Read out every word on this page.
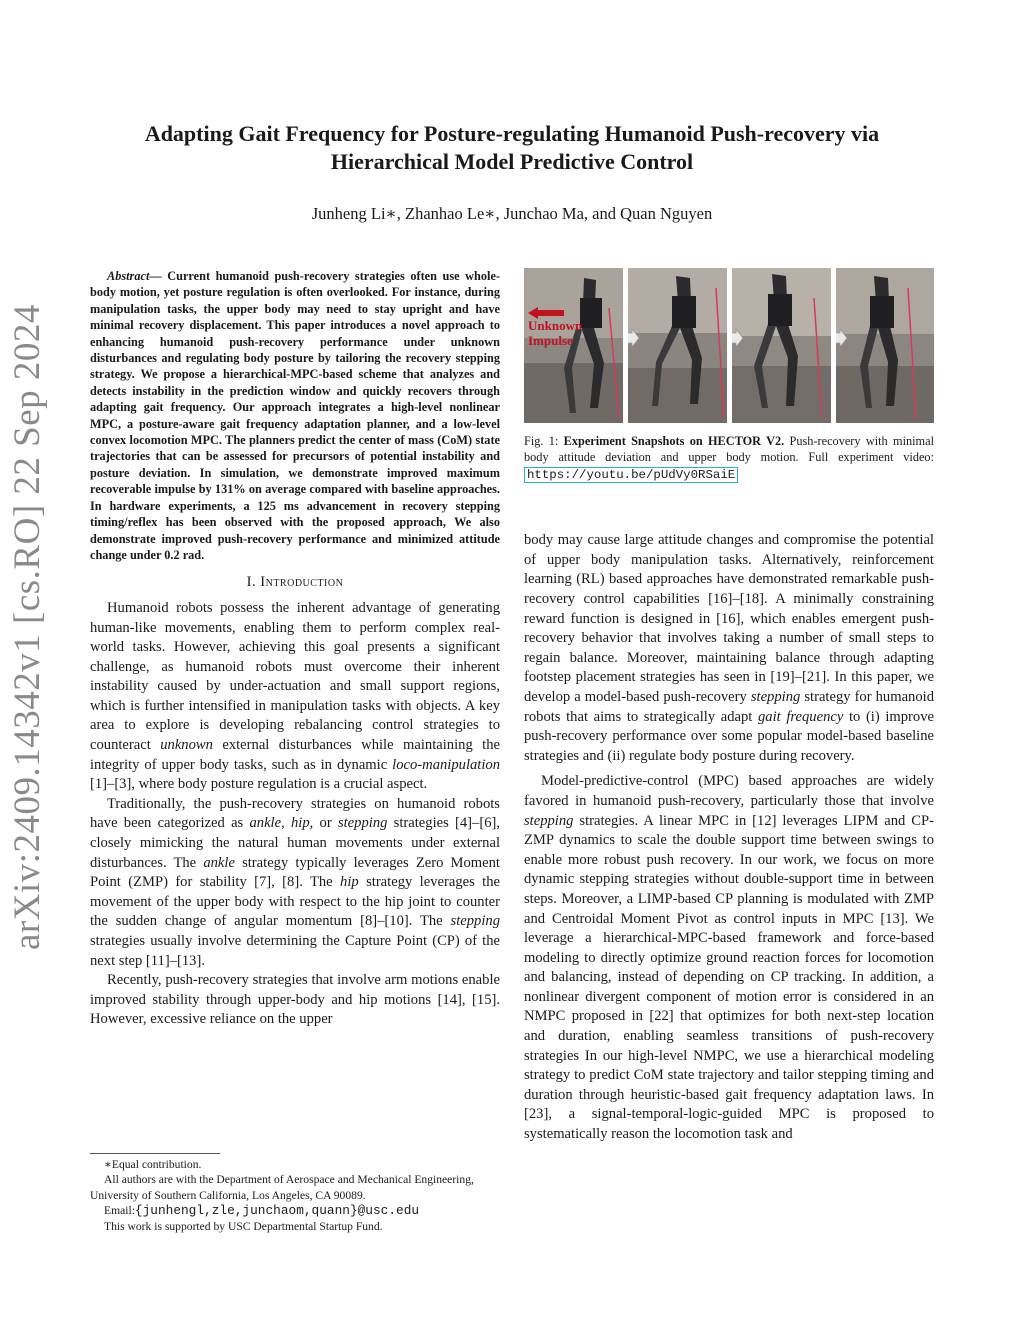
arXiv:2409.14342v1 [cs.RO] 22 Sep 2024
Adapting Gait Frequency for Posture-regulating Humanoid Push-recovery via
Hierarchical Model Predictive Control
Junheng Li∗, Zhanhao Le∗, Junchao Ma, and Quan Nguyen
Abstract— Current humanoid push-recovery strategies often use whole-body motion, yet posture regulation is often overlooked. For instance, during manipulation tasks, the upper body may need to stay upright and have minimal recovery displacement. This paper introduces a novel approach to enhancing humanoid push-recovery performance under unknown disturbances and regulating body posture by tailoring the recovery stepping strategy. We propose a hierarchical-MPC-based scheme that analyzes and detects instability in the prediction window and quickly recovers through adapting gait frequency. Our approach integrates a high-level nonlinear MPC, a posture-aware gait frequency adaptation planner, and a low-level convex locomotion MPC. The planners predict the center of mass (CoM) state trajectories that can be assessed for precursors of potential instability and posture deviation. In simulation, we demonstrate improved maximum recoverable impulse by 131% on average compared with baseline approaches. In hardware experiments, a 125 ms advancement in recovery stepping timing/reflex has been observed with the proposed approach, We also demonstrate improved push-recovery performance and minimized attitude change under 0.2 rad.
I. Introduction

Humanoid robots possess the inherent advantage of generating human-like movements, enabling them to perform complex real-world tasks. However, achieving this goal presents a significant challenge, as humanoid robots must overcome their inherent instability caused by under-actuation and small support regions, which is further intensified in manipulation tasks with objects. A key area to explore is developing rebalancing control strategies to counteract unknown external disturbances while maintaining the integrity of upper body tasks, such as in dynamic loco-manipulation [1]–[3], where body posture regulation is a crucial aspect.

Traditionally, the push-recovery strategies on humanoid robots have been categorized as ankle, hip, or stepping strategies [4]–[6], closely mimicking the natural human movements under external disturbances. The ankle strategy typically leverages Zero Moment Point (ZMP) for stability [7], [8]. The hip strategy leverages the movement of the upper body with respect to the hip joint to counter the sudden change of angular momentum [8]–[10]. The stepping strategies usually involve determining the Capture Point (CP) of the next step [11]–[13].

Recently, push-recovery strategies that involve arm motions enable improved stability through upper-body and hip motions [14], [15]. However, excessive reliance on the upper

∗Equal contribution.
All authors are with the Department of Aerospace and Mechanical Engineering, University of Southern California, Los Angeles, CA 90089.
Email:{junhengl,zle,junchaom,quann}@usc.edu
This work is supported by USC Departmental Startup Fund.
Unknown
Impulse
Fig. 1: Experiment Snapshots on HECTOR V2. Push-recovery with minimal body attitude deviation and upper body motion. Full experiment video: https://youtu.be/pUdVy0RSaiE

body may cause large attitude changes and compromise the potential of upper body manipulation tasks. Alternatively, reinforcement learning (RL) based approaches have demonstrated remarkable push-recovery control capabilities [16]–[18]. A minimally constraining reward function is designed in [16], which enables emergent push-recovery behavior that involves taking a number of small steps to regain balance. Moreover, maintaining balance through adapting footstep placement strategies has seen in [19]–[21]. In this paper, we develop a model-based push-recovery stepping strategy for humanoid robots that aims to strategically adapt gait frequency to (i) improve push-recovery performance over some popular model-based baseline strategies and (ii) regulate body posture during recovery.

Model-predictive-control (MPC) based approaches are widely favored in humanoid push-recovery, particularly those that involve stepping strategies. A linear MPC in [12] leverages LIPM and CP-ZMP dynamics to scale the double support time between swings to enable more robust push recovery. In our work, we focus on more dynamic stepping strategies without double-support time in between steps. Moreover, a LIMP-based CP planning is modulated with ZMP and Centroidal Moment Pivot as control inputs in MPC [13]. We leverage a hierarchical-MPC-based framework and force-based modeling to directly optimize ground reaction forces for locomotion and balancing, instead of depending on CP tracking. In addition, a nonlinear divergent component of motion error is considered in an NMPC proposed in [22] that optimizes for both next-step location and duration, enabling seamless transitions of push-recovery strategies In our high-level NMPC, we use a hierarchical modeling strategy to predict CoM state trajectory and tailor stepping timing and duration through heuristic-based gait frequency adaptation laws. In [23], a signal-temporal-logic-guided MPC is proposed to systematically reason the locomotion task and
